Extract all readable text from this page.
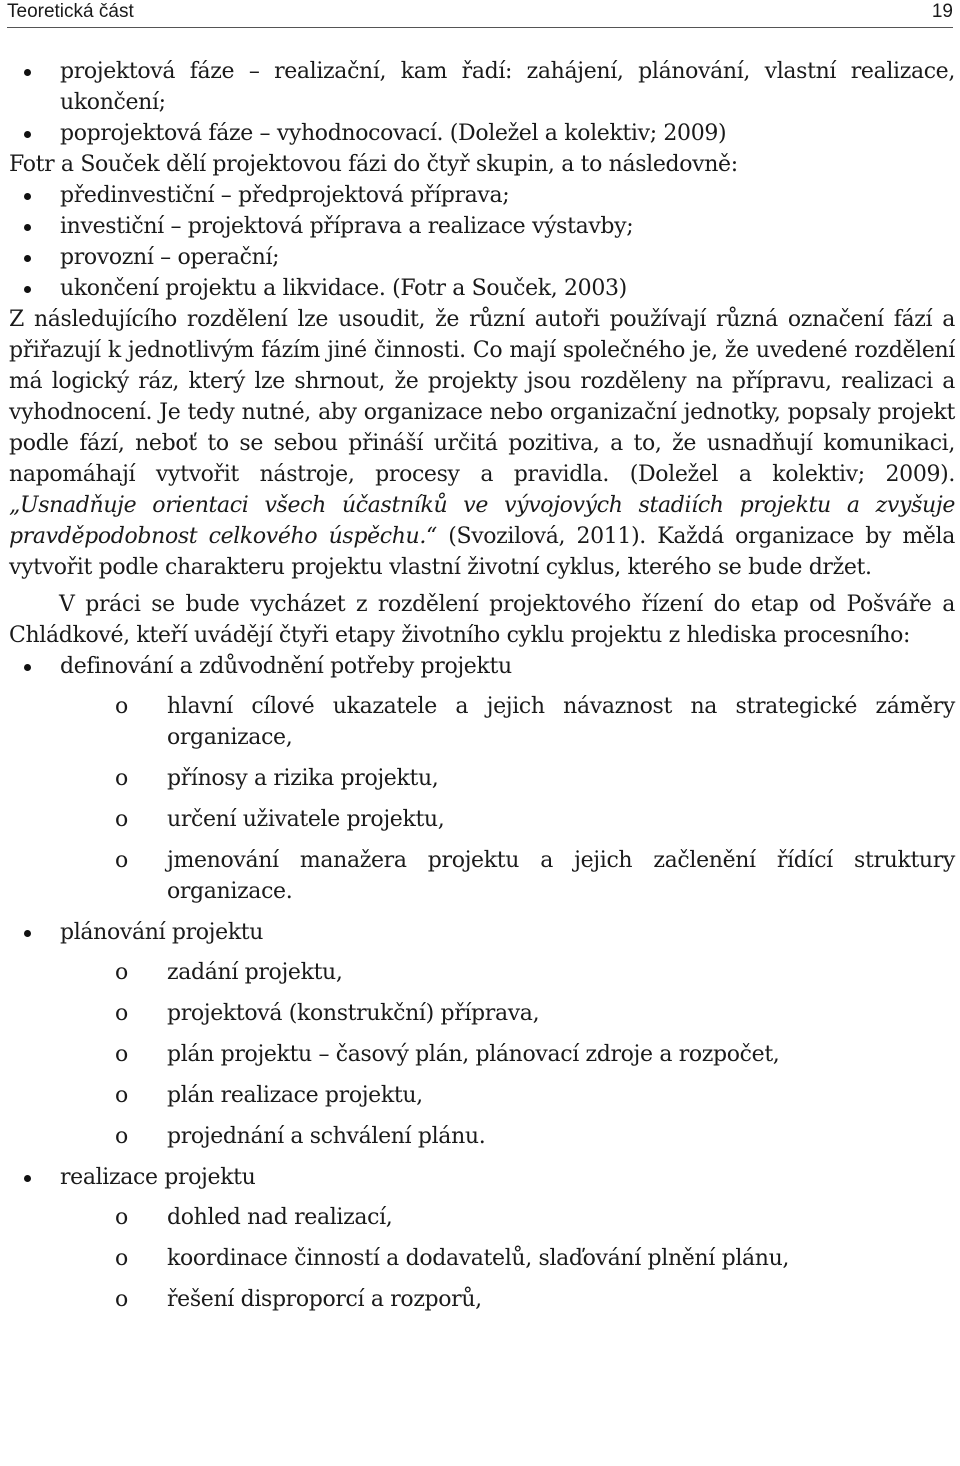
Teoretická část	19
projektová fáze – realizační, kam řadí: zahájení, plánování, vlastní realizace, ukončení;
poprojektová fáze – vyhodnocovací. (Doležel a kolektiv; 2009)

Fotr a Souček dělí projektovou fázi do čtyř skupin, a to následovně:

předinvestiční – předprojektová příprava;
investiční – projektová příprava a realizace výstavby;
provozní – operační;
ukončení projektu a likvidace. (Fotr a Souček, 2003)

Z následujícího rozdělení lze usoudit, že různí autoři používají různá označení fází a přiřazují k jednotlivým fázím jiné činnosti. Co mají společného je, že uvedené rozdělení má logický ráz, který lze shrnout, že projekty jsou rozděleny na přípravu, realizaci a vyhodnocení. Je tedy nutné, aby organizace nebo organizační jednotky, popsaly projekt podle fází, neboť to se sebou přináší určitá pozitiva, a to, že usnadňují komunikaci, napomáhají vytvořit nástroje, procesy a pravidla. (Doležel a kolektiv; 2009). „Usnadňuje orientaci všech účastníků ve vývojových stadiích projektu a zvyšuje pravděpodobnost celkového úspěchu.“ (Svozilová, 2011). Každá organizace by měla vytvořit podle charakteru projektu vlastní životní cyklus, kterého se bude držet.

V práci se bude vycházet z rozdělení projektového řízení do etap od Pošváře a Chládkové, kteří uvádějí čtyři etapy životního cyklu projektu z hlediska procesního:

definování a zdůvodnění potřeby projektu
o hlavní cílové ukazatele a jejich návaznost na strategické záměry organizace,
o přínosy a rizika projektu,
o určení uživatele projektu,
o jmenování manažera projektu a jejich začlenění řídící struktury organizace.
plánování projektu
o zadání projektu,
o projektová (konstrukční) příprava,
o plán projektu – časový plán, plánovací zdroje a rozpočet,
o plán realizace projektu,
o projednání a schválení plánu.
realizace projektu
o dohled nad realizací,
o koordinace činností a dodavatelů, slaďování plnění plánu,
o řešení disproporcí a rozporů,
